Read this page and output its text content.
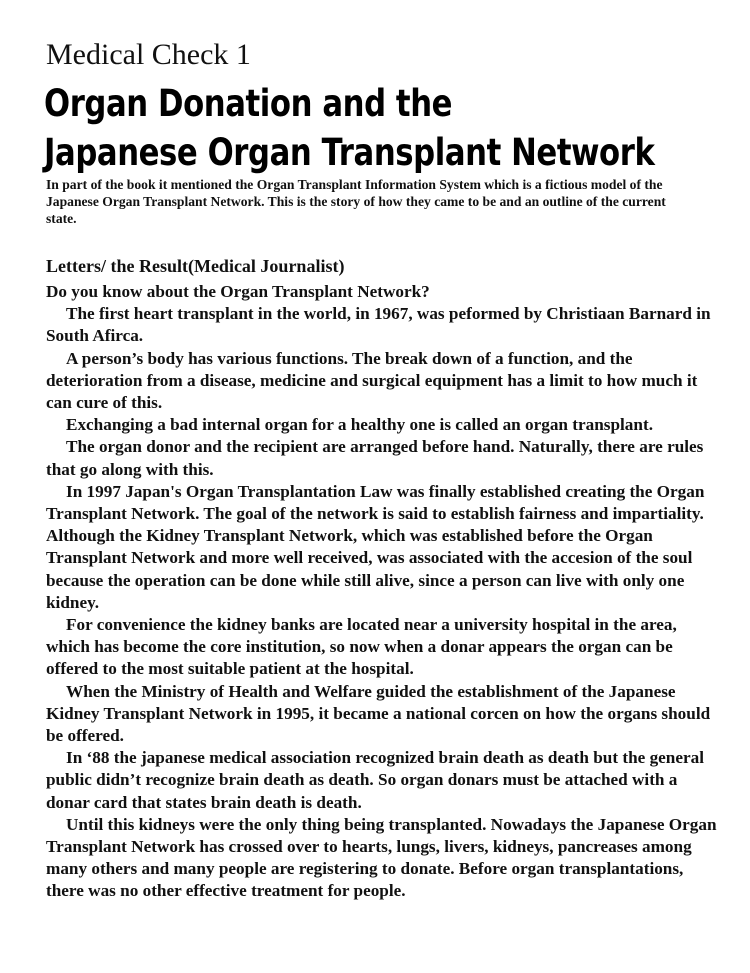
Medical Check 1
Organ Donation and the
Japanese Organ Transplant Network

In part of the book it mentioned the Organ Transplant Information System which is a fictious model of the Japanese Organ Transplant Network. This is the story of how they came to be and an outline of the current state.

Letters/ the Result(Medical Journalist)

Do you know about the Organ Transplant Network?

The first heart transplant in the world, in 1967, was peformed by Christiaan Barnard in South Afirca.

A person’s body has various functions. The break down of a function, and the deterioration from a disease, medicine and surgical equipment has a limit to how much it can cure of this.

Exchanging a bad internal organ for a healthy one is called an organ transplant.

The organ donor and the recipient are arranged before hand. Naturally, there are rules that go along with this.

In 1997 Japan's Organ Transplantation Law was finally established creating the Organ Transplant Network. The goal of the network is said to establish fairness and impartiality. Although the Kidney Transplant Network, which was established before the Organ Transplant Network and more well received, was associated with the accesion of the soul because the operation can be done while still alive, since a person can live with only one kidney.

For convenience the kidney banks are located near a university hospital in the area, which has become the core institution, so now when a donar appears the organ can be offered to the most suitable patient at the hospital.

When the Ministry of Health and Welfare guided the establishment of the Japanese Kidney Transplant Network in 1995, it became a national corcen on how the organs should be offered.

In ‘88 the japanese medical association recognized brain death as death but the general public didn’t recognize brain death as death. So organ donars must be attached with a donar card that states brain death is death.

Until this kidneys were the only thing being transplanted. Nowadays the Japanese Organ Transplant Network has crossed over to hearts, lungs, livers, kidneys, pancreases among many others and many people are registering to donate. Before organ transplantations, there was no other effective treatment for people.
